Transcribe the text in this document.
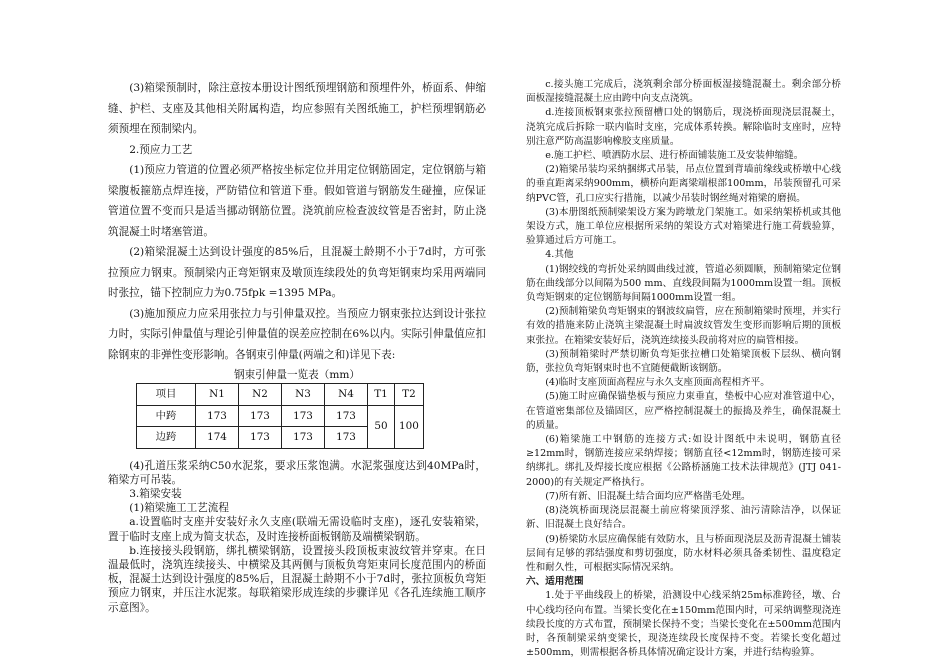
(3)箱梁预制时，除注意按本册设计图纸预埋钢筋和预埋件外，桥面系、伸缩缝、护栏、支座及其他相关附属构造，均应参照有关图纸施工，护栏预埋钢筋必须预埋在预制梁内。
2.预应力工艺
(1)预应力管道的位置必须严格按坐标定位并用定位钢筋固定，定位钢筋与箱梁腹板箍筋点焊连接，严防错位和管道下垂。假如管道与钢筋发生碰撞，应保证管道位置不变而只是适当挪动钢筋位置。浇筑前应检查波纹管是否密封，防止浇筑混凝土时堵塞管道。
(2)箱梁混凝土达到设计强度的85%后，且混凝土龄期不小于7d时，方可张拉预应力钢束。预制梁内正弯矩钢束及墩顶连续段处的负弯矩钢束均采用两端同时张拉，锚下控制应力为0.75fpk =1395 MPa。
(3)施加预应力应采用张拉力与引伸量双控。当预应力钢束张拉达到设计张拉力时，实际引伸量值与理论引伸量值的误差应控制在6%以内。实际引伸量值应扣除钢束的非弹性变形影响。各钢束引伸量(两端之和)详见下表:
钢束引伸量一览表（mm）
项目	N1	N2	N3	N4	T1	T2
中跨	173	173	173	173	50	100
边跨	174	173	173	173		
(4)孔道压浆采纳C50水泥浆，要求压浆饱满。水泥浆强度达到40MPa时，箱梁方可吊装。
3.箱梁安装
(1)箱梁施工工艺流程
a.设置临时支座并安装好永久支座(联端无需设临时支座)，逐孔安装箱梁，置于临时支座上成为简支状态，及时连接桥面板钢筋及端横梁钢筋。
b.连接接头段钢筋，绑扎横梁钢筋，设置接头段顶板束波纹管并穿束。在日温最低时，浇筑连续接头、中横梁及其两侧与顶板负弯矩束同长度范围内的桥面板，混凝土达到设计强度的85%后，且混凝土龄期不小于7d时，张拉顶板负弯矩预应力钢束，并压注水泥浆。每联箱梁形成连续的步骤详见《各孔连续施工顺序示意图》。
c.接头施工完成后，浇筑剩余部分桥面板湿接缝混凝土。剩余部分桥面板湿接缝混凝土应由跨中向支点浇筑。
d.连接顶板钢束张拉预留槽口处的钢筋后，现浇桥面现浇层混凝土，浇筑完成后拆除一联内临时支座，完成体系转换。解除临时支座时，应特别注意严防高温影响橡胶支座质量。
e.施工护栏、喷洒防水层、进行桥面铺装施工及安装伸缩缝。
(2)箱梁吊装均采纳捆绑式吊装，吊点位置到背墙前缘线或桥墩中心线的垂直距离采纳900mm，横桥向距离梁端根部100mm，吊装预留孔可采纳PVC管，孔口应实行措施，以减少吊装时钢丝绳对箱梁的磨损。
(3)本册图纸预制梁架设方案为跨墩龙门架施工。如采纳架桥机或其他架设方式，施工单位应根据所采纳的架设方式对箱梁进行施工荷载验算，验算通过后方可施工。
4.其他
(1)钢绞线的弯折处采纳圆曲线过渡，管道必须圆顺，预制箱梁定位钢筋在曲线部分以间隔为500 mm、直线段间隔为1000mm设置一组。顶板负弯矩钢束的定位钢筋每间隔1000mm设置一组。
(2)预制箱梁负弯矩钢束的钢波纹扁管，应在预制箱梁时预埋，并实行有效的措施来防止浇筑主梁混凝土时扁波纹管发生变形而影响后期的顶板束张拉。在箱梁安装好后，浇筑连续接头段前将对应的扁管相接。
(3)预制箱梁时严禁切断负弯矩张拉槽口处箱梁顶板下层纵、横向钢筋，张拉负弯矩钢束时也不宜随便截断该钢筋。
(4)临时支座顶面高程应与永久支座顶面高程相齐平。
(5)施工时应确保锚垫板与预应力束垂直，垫板中心应对准管道中心，在管道密集部位及锚固区，应严格控制混凝土的振捣及养生，确保混凝土的质量。
(6)箱梁施工中钢筋的连接方式:如设计图纸中未说明，钢筋直径≥12mm时，钢筋连接应采纳焊接；钢筋直径<12mm时，钢筋连接可采纳绑扎。绑扎及焊接长度应根据《公路桥涵施工技术法律规范》(JTJ 041-2000)的有关规定严格执行。
(7)所有新、旧混凝土结合面均应严格凿毛处理。
(8)浇筑桥面现浇层混凝土前应将梁顶浮浆、油污清除洁净，以保证新、旧混凝土良好结合。
(9)桥梁防水层应确保能有效防水，且与桥面现浇层及沥青混凝土铺装层间有足够的郛结强度和剪切强度，防水材料必须具备柔韧性、温度稳定性和耐久性，可根据实际情况采纳。
六、适用范围
1.处于平曲线段上的桥梁，沿测设中心线采纳25m标准跨径，墩、台中心线均径向布置。当梁长变化在±150mm范围内时，可采纳调整现浇连续段长度的方式布置，预制梁长保持不变；当梁长变化在±500mm范围内时，各预制梁采纳变梁长，现浇连续段长度保持不变。若梁长变化超过±500mm，则需根据各桥具体情况确定设计方案，并进行结构验算。
